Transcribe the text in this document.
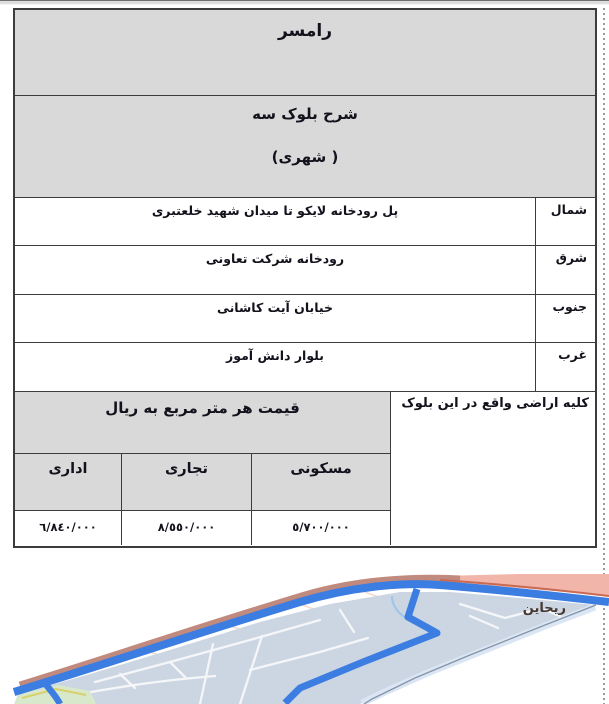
رامسر
شرح بلوک سه
( شهری)
شمال
پل رودخانه لایکو تا میدان شهید خلعتبری
شرق
رودخانه شرکت تعاونی
جنوب
خیابان آیت کاشانی
غرب
بلوار دانش آموز
کلیه اراضی واقع در این بلوک
قیمت هر متر مربع به ریال
مسکونی
تجاری
اداری
٥/٧٠٠/٠٠٠
٨/٥٥٠/٠٠٠
٦/٨٤٠/٠٠٠
ریحاین
